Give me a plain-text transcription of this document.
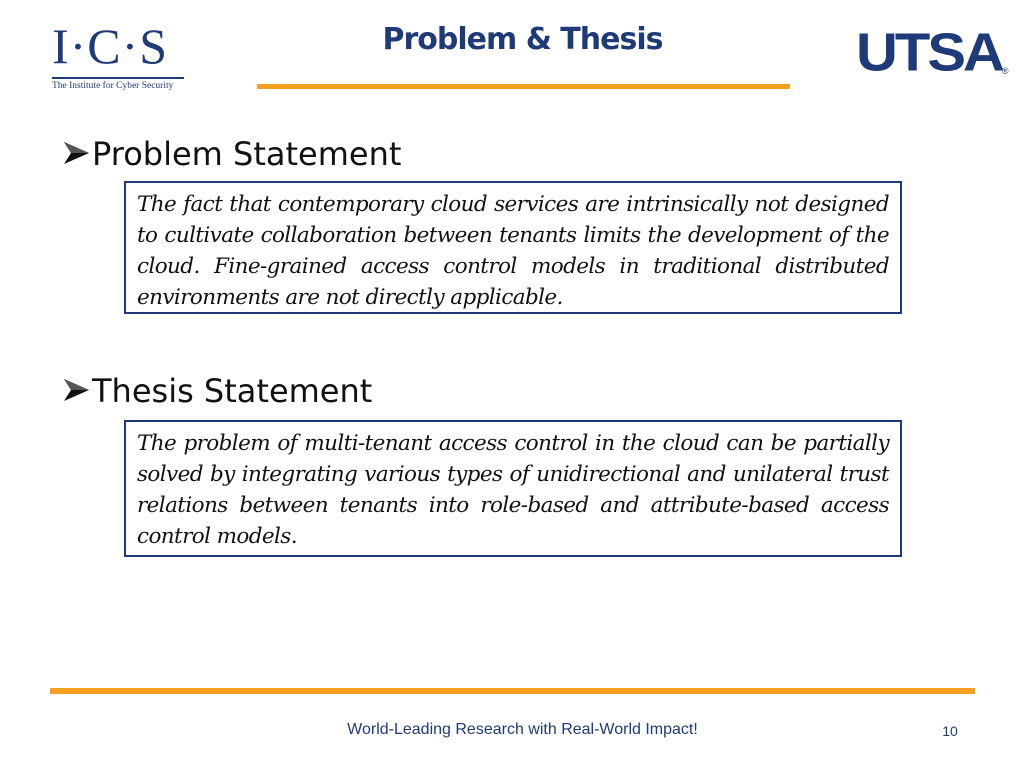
I·C·S
The Institute for Cyber Security
Problem & Thesis	UTSA®
Problem Statement

The fact that contemporary cloud services are intrinsically not designed to cultivate collaboration between tenants limits the development of the cloud. Fine-grained access control models in traditional distributed environments are not directly applicable.

Thesis Statement

The problem of multi-tenant access control in the cloud can be partially solved by integrating various types of unidirectional and unilateral trust relations between tenants into role-based and attribute-based access control models.

World-Leading Research with Real-World Impact!	10
